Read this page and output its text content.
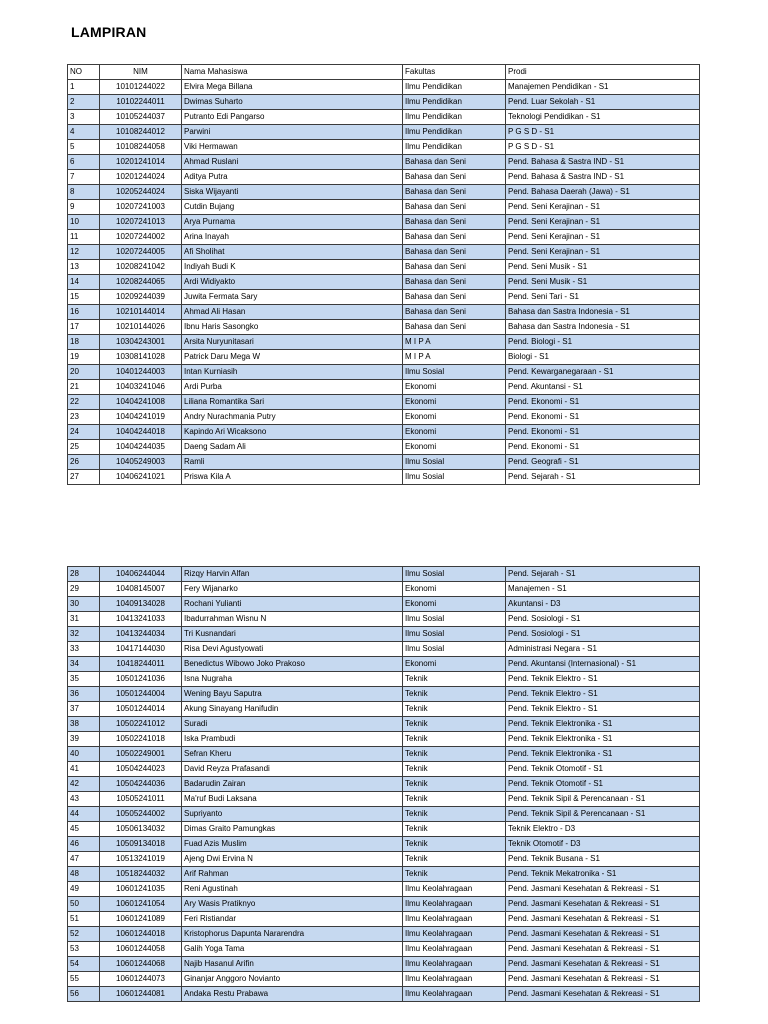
LAMPIRAN
NO	NIM	Nama Mahasiswa	Fakultas	Prodi
1	10101244022	Elvira Mega Billana	Ilmu Pendidikan	Manajemen Pendidikan - S1
2	10102244011	Dwimas Suharto	Ilmu Pendidikan	Pend. Luar Sekolah - S1
3	10105244037	Putranto Edi Pangarso	Ilmu Pendidikan	Teknologi Pendidikan - S1
4	10108244012	Parwini	Ilmu Pendidikan	P G S D - S1
5	10108244058	Viki Hermawan	Ilmu Pendidikan	P G S D - S1
6	10201241014	Ahmad Ruslani	Bahasa dan Seni	Pend. Bahasa & Sastra IND - S1
7	10201244024	Aditya Putra	Bahasa dan Seni	Pend. Bahasa & Sastra IND - S1
8	10205244024	Siska Wijayanti	Bahasa dan Seni	Pend. Bahasa Daerah (Jawa) - S1
9	10207241003	Cutdin Bujang	Bahasa dan Seni	Pend. Seni Kerajinan - S1
10	10207241013	Arya Purnama	Bahasa dan Seni	Pend. Seni Kerajinan - S1
11	10207244002	Arina Inayah	Bahasa dan Seni	Pend. Seni Kerajinan - S1
12	10207244005	Afi Sholihat	Bahasa dan Seni	Pend. Seni Kerajinan - S1
13	10208241042	Indiyah Budi K	Bahasa dan Seni	Pend. Seni Musik - S1
14	10208244065	Ardi Widiyakto	Bahasa dan Seni	Pend. Seni Musik - S1
15	10209244039	Juwita Fermata Sary	Bahasa dan Seni	Pend. Seni Tari - S1
16	10210144014	Ahmad Ali Hasan	Bahasa dan Seni	Bahasa dan Sastra Indonesia - S1
17	10210144026	Ibnu Haris Sasongko	Bahasa dan Seni	Bahasa dan Sastra Indonesia - S1
18	10304243001	Arsita Nuryunitasari	M I P A	Pend. Biologi - S1
19	10308141028	Patrick Daru Mega W	M I P A	Biologi - S1
20	10401244003	Intan Kurniasih	Ilmu Sosial	Pend. Kewarganegaraan - S1
21	10403241046	Ardi Purba	Ekonomi	Pend. Akuntansi - S1
22	10404241008	Liliana Romantika Sari	Ekonomi	Pend. Ekonomi - S1
23	10404241019	Andry Nurachmania Putry	Ekonomi	Pend. Ekonomi - S1
24	10404244018	Kapindo Ari Wicaksono	Ekonomi	Pend. Ekonomi - S1
25	10404244035	Daeng Sadam Ali	Ekonomi	Pend. Ekonomi - S1
26	10405249003	Ramli	Ilmu Sosial	Pend. Geografi - S1
27	10406241021	Priswa Kila A	Ilmu Sosial	Pend. Sejarah - S1
28	10406244044	Rizqy Harvin Alfan	Ilmu Sosial	Pend. Sejarah - S1
29	10408145007	Fery Wijanarko	Ekonomi	Manajemen - S1
30	10409134028	Rochani Yulianti	Ekonomi	Akuntansi - D3
31	10413241033	Ibadurrahman Wisnu N	Ilmu Sosial	Pend. Sosiologi - S1
32	10413244034	Tri Kusnandari	Ilmu Sosial	Pend. Sosiologi - S1
33	10417144030	Risa Devi Agustyowati	Ilmu Sosial	Administrasi Negara - S1
34	10418244011	Benedictus Wibowo Joko Prakoso	Ekonomi	Pend. Akuntansi (Internasional) - S1
35	10501241036	Isna Nugraha	Teknik	Pend. Teknik Elektro - S1
36	10501244004	Wening Bayu Saputra	Teknik	Pend. Teknik Elektro - S1
37	10501244014	Akung Sinayang Hanifudin	Teknik	Pend. Teknik Elektro - S1
38	10502241012	Suradi	Teknik	Pend. Teknik Elektronika - S1
39	10502241018	Iska Prambudi	Teknik	Pend. Teknik Elektronika - S1
40	10502249001	Sefran Kheru	Teknik	Pend. Teknik Elektronika - S1
41	10504244023	David Reyza Prafasandi	Teknik	Pend. Teknik Otomotif - S1
42	10504244036	Badarudin Zairan	Teknik	Pend. Teknik Otomotif - S1
43	10505241011	Ma'ruf Budi Laksana	Teknik	Pend. Teknik Sipil & Perencanaan - S1
44	10505244002	Supriyanto	Teknik	Pend. Teknik Sipil & Perencanaan - S1
45	10506134032	Dimas Graito Pamungkas	Teknik	Teknik Elektro - D3
46	10509134018	Fuad Azis Muslim	Teknik	Teknik Otomotif - D3
47	10513241019	Ajeng Dwi Ervina N	Teknik	Pend. Teknik Busana - S1
48	10518244032	Arif Rahman	Teknik	Pend. Teknik Mekatronika - S1
49	10601241035	Reni Agustinah	Ilmu Keolahragaan	Pend. Jasmani Kesehatan & Rekreasi - S1
50	10601241054	Ary Wasis Pratiknyo	Ilmu Keolahragaan	Pend. Jasmani Kesehatan & Rekreasi - S1
51	10601241089	Feri Ristiandar	Ilmu Keolahragaan	Pend. Jasmani Kesehatan & Rekreasi - S1
52	10601244018	Kristophorus Dapunta Nararendra	Ilmu Keolahragaan	Pend. Jasmani Kesehatan & Rekreasi - S1
53	10601244058	Galih Yoga Tama	Ilmu Keolahragaan	Pend. Jasmani Kesehatan & Rekreasi - S1
54	10601244068	Najib Hasanul Arifin	Ilmu Keolahragaan	Pend. Jasmani Kesehatan & Rekreasi - S1
55	10601244073	Ginanjar Anggoro Novianto	Ilmu Keolahragaan	Pend. Jasmani Kesehatan & Rekreasi - S1
56	10601244081	Andaka Restu Prabawa	Ilmu Keolahragaan	Pend. Jasmani Kesehatan & Rekreasi - S1
